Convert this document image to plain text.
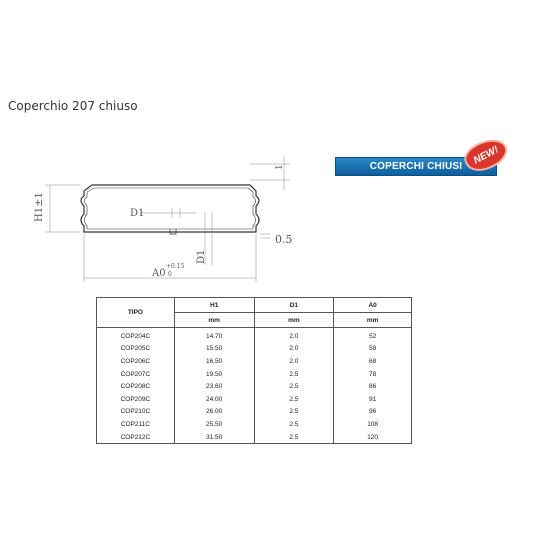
Coperchio 207 chiuso
H1±1	D1
D1
A0
+0.15
0
0.5
1	COPERCHI CHIUSI
NEW!
TIPO	H1	D1	A0
	mm	mm	mm
COP204C	14.70	2.0	52
COP205C	15.50	2.0	58
COP206C	16.50	2.0	68
COP207C	19.50	2.5	78
COP208C	23.60	2.5	86
COP209C	24.00	2.5	91
COP210C	26.00	2.5	96
COP211C	25.50	2.5	108
COP212C	31.50	2.5	120
